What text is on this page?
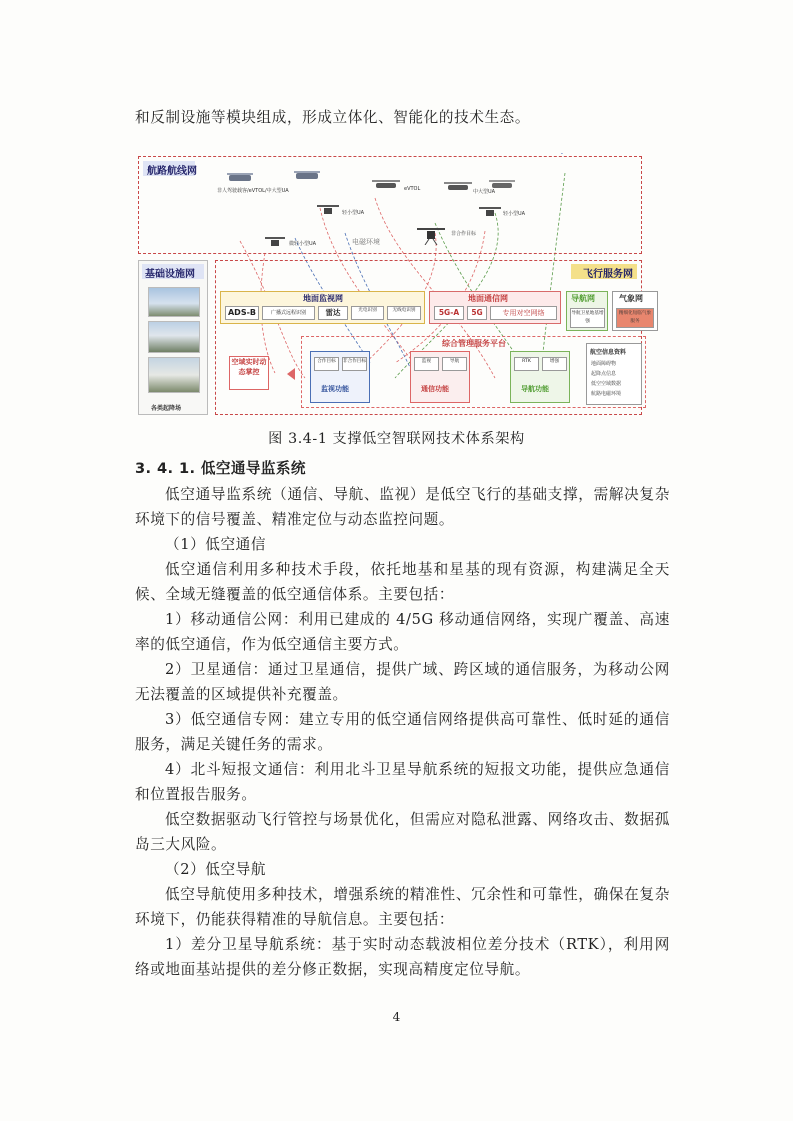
和反制设施等模块组成，形成立体化、智能化的技术生态。
航路航线网
非人驾驶载客/eVTOL/中大型UA	eVTOL	中大型UA
轻小型UA	轻小型UA
微轻小型UA
非合作目标
电磁环境
基础设施网
各类起降场
飞行服务网
地面监视网
ADS-B	广播式远程识别	雷达	光电识别	无线电识别
地面通信网
5G-A	5G	专用对空网络
导航网
导航卫星地基增强
气象网
精细化短临气象服务
空域实时动态掌控
综合管理服务平台
合作目标	非合作目标
监视功能
监视	导航
通信功能
RTK	增强
导航功能
航空信息资料
地面障碍物
起降点信息
低空空域数据
航路电磁环境
图 3.4-1 支撑低空智联网技术体系架构
3. 4. 1. 低空通导监系统
低空通导监系统（通信、导航、监视）是低空飞行的基础支撑，需解决复杂环境下的信号覆盖、精准定位与动态监控问题。
（1）低空通信
低空通信利用多种技术手段，依托地基和星基的现有资源，构建满足全天候、全域无缝覆盖的低空通信体系。主要包括：
1）移动通信公网：利用已建成的 4/5G 移动通信网络，实现广覆盖、高速率的低空通信，作为低空通信主要方式。
2）卫星通信：通过卫星通信，提供广域、跨区域的通信服务，为移动公网无法覆盖的区域提供补充覆盖。
3）低空通信专网：建立专用的低空通信网络提供高可靠性、低时延的通信服务，满足关键任务的需求。
4）北斗短报文通信：利用北斗卫星导航系统的短报文功能，提供应急通信和位置报告服务。
低空数据驱动飞行管控与场景优化，但需应对隐私泄露、网络攻击、数据孤岛三大风险。
（2）低空导航
低空导航使用多种技术，增强系统的精准性、冗余性和可靠性，确保在复杂环境下，仍能获得精准的导航信息。主要包括：
1）差分卫星导航系统：基于实时动态载波相位差分技术（RTK），利用网络或地面基站提供的差分修正数据，实现高精度定位导航。
4
